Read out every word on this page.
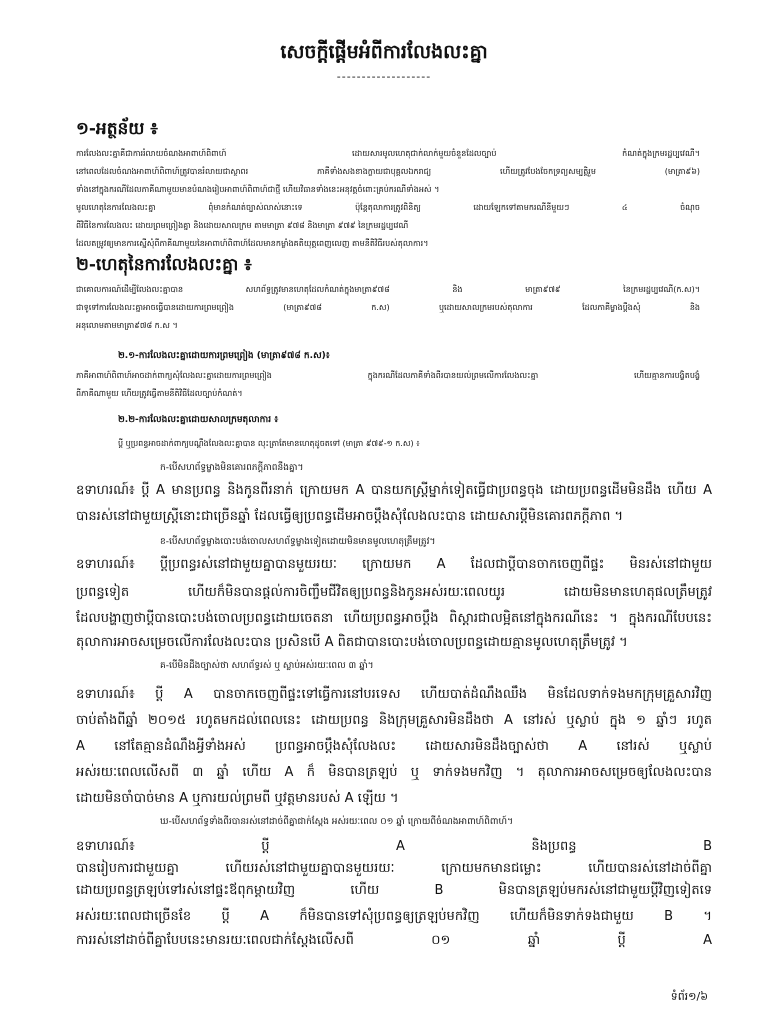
សេចក្ដីផ្ដើមអំពីការលែងលះគ្នា
-------------------
១-អត្ថន័យ ៖
ការលែងលះគ្នាគឺជាការរំលាយចំណងអាពាហ៍ពិពាហ៍ ដោយសារមូលហេតុជាក់លាក់មួយចំនួនដែលច្បាប់ កំណត់ក្នុងក្រមរដ្ឋប្បវេណី។
នៅពេលដែលចំណងអាពាហ៍ពិពាហ៍ត្រូវបានរំលាយជាស្ថាពរ ភាគីទាំងសងខាងក្លាយជាបុគ្គលឯករាជ្យ ហើយត្រូវបែងចែកទ្រព្យសម្បត្តិរួម (មាត្រា៩៦)
ទាំងនៅក្នុងករណីដែលភាគីណាមួយមានបំណងរៀបអាពាហ៍ពិពាហ៍ជាថ្មី ហើយវិធានទាំងនេះអនុវត្តចំពោះគ្រប់ករណីទាំងអស់ ។
មូលហេតុនៃការលែងលះគ្នា ពុំមានកំណត់ច្បាស់លាស់នោះទេ ប៉ុន្តែតុលាការត្រូវពិនិត្យ ដោយឡែកទៅតាមករណីនីមួយៗ ៤ ចំណុច
ពីវិធីនៃការលែងលះ ដោយព្រមព្រៀងគ្នា និងដោយសាលក្រម តាមមាត្រា ៩៧៨ និងមាត្រា ៩៧៩ នៃក្រមរដ្ឋប្បវេណី
ដែលតម្រូវឲ្យមានការស្នើសុំពីភាគីណាមួយនៃអាពាហ៍ពិពាហ៍ដែលមានកម្លាំងគតិយុត្តពេញលេញ តាមនីតិវិធីរបស់តុលាការ។
២-ហេតុនៃការលែងលះគ្នា ៖
ជាគោលការណ៍ដើម្បីលែងលះគ្នាបាន សហព័ទ្ធត្រូវមានហេតុដែលកំណត់ក្នុងមាត្រា៩៧៨ និង មាត្រា៩៧៩ នៃក្រមរដ្ឋប្បវេណី(ក.ស)។
ជាទូទៅការលែងលះគ្នាអាចធ្វើបានដោយការព្រមព្រៀង (មាត្រា៩៧៨ ក.ស) ឬដោយសាលក្រមរបស់តុលាការ ដែលភាគីម្ខាងប្ដឹងសុំ និង
អនុលោមតាមមាត្រា៩៧៨ ក.ស ។
២.១-ការលែងលះគ្នាដោយការព្រមព្រៀង (មាត្រា៩៧៨ ក.ស)៖
ភាគីអាពាហ៍ពិពាហ៍អាចដាក់ពាក្យសុំលែងលះគ្នាដោយការព្រមព្រៀង ក្នុងករណីដែលភាគីទាំងពីរបានយល់ព្រមលើការលែងលះគ្នា ហើយគ្មានការបង្ខិតបង្ខំ
ពីភាគីណាមួយ ហើយត្រូវធ្វើតាមនីតិវិធីដែលច្បាប់កំណត់។
២.២-ការលែងលះគ្នាដោយសាលក្រមតុលាការ ៖
ប្ដី ឬប្រពន្ធអាចដាក់ពាក្យបណ្ដឹងលែងលះគ្នាបាន លុះត្រាតែមានហេតុដូចតទៅ (មាត្រា ៩៧៩-១ ក.ស) ៖
ក-បើសហព័ទ្ធម្ខាងមិនគោរពភក្ដីភាពនឹងគ្នា។
ឧទាហរណ៍៖ ប្ដី A មានប្រពន្ធ និងកូនពីរនាក់ ក្រោយមក A បានយកស្ត្រីម្នាក់ទៀតធ្វើជាប្រពន្ធចុង ដោយប្រពន្ធដើមមិនដឹង ហើយ A
បានរស់នៅជាមួយស្ត្រីនោះជាច្រើនឆ្នាំ ដែលធ្វើឲ្យប្រពន្ធដើមអាចប្ដឹងសុំលែងលះបាន ដោយសារប្ដីមិនគោរពភក្ដីភាព ។
ខ-បើសហព័ទ្ធម្ខាងបោះបង់ចោលសហព័ទ្ធម្ខាងទៀតដោយមិនមានមូលហេតុត្រឹមត្រូវ។
ឧទាហរណ៍៖ ប្ដីប្រពន្ធរស់នៅជាមួយគ្នាបានមួយរយៈ ក្រោយមក A ដែលជាប្ដីបានចាកចេញពីផ្ទះ មិនរស់នៅជាមួយ
ប្រពន្ធទៀត ហើយក៏មិនបានផ្ដល់ការចិញ្ចឹមជីវិតឲ្យប្រពន្ធនិងកូនអស់រយៈពេលយូរ ដោយមិនមានហេតុផលត្រឹមត្រូវ
ដែលបង្ហាញថាប្ដីបានបោះបង់ចោលប្រពន្ធដោយចេតនា ហើយប្រពន្ធអាចប្ដឹង ពិស្ដារជាលម្អិតនៅក្នុងករណីនេះ ។ ក្នុងករណីបែបនេះ
តុលាការអាចសម្រេចលើការលែងលះបាន ប្រសិនបើ A ពិតជាបានបោះបង់ចោលប្រពន្ធដោយគ្មានមូលហេតុត្រឹមត្រូវ ។
គ-បើមិនដឹងច្បាស់ថា សហព័ទ្ធរស់ ឬ ស្លាប់អស់រយៈពេល ៣ ឆ្នាំ។
ឧទាហរណ៍៖ ប្ដី A បានចាកចេញពីផ្ទះទៅធ្វើការនៅបរទេស ហើយបាត់ដំណឹងឈឹង មិនដែលទាក់ទងមកក្រុមគ្រួសារវិញ
ចាប់តាំងពីឆ្នាំ ២០១៥ រហូតមកដល់ពេលនេះ ដោយប្រពន្ធ និងក្រុមគ្រួសារមិនដឹងថា A នៅរស់ ឬស្លាប់ ក្នុង ១ ឆ្នាំៗ រហូត
A នៅតែគ្មានដំណឹងអ្វីទាំងអស់ ប្រពន្ធអាចប្ដឹងសុំលែងលះ ដោយសារមិនដឹងច្បាស់ថា A នៅរស់ ឬស្លាប់
អស់រយៈពេលលើសពី ៣ ឆ្នាំ ហើយ A ក៏ មិនបានត្រឡប់ ឬ ទាក់ទងមកវិញ ។ តុលាការអាចសម្រេចឲ្យលែងលះបាន
ដោយមិនចាំបាច់មាន A ឬការយល់ព្រមពី ឬវត្តមានរបស់ A ឡើយ ។
ឃ-បើសហព័ទ្ធទាំងពីរបានរស់នៅដាច់ពីគ្នាជាក់ស្ដែង អស់រយៈពេល ០១ ឆ្នាំ ក្រោយពីចំណងអាពាហ៍ពិពាហ៍។
ឧទាហរណ៍៖ ប្ដី A និងប្រពន្ធ B
បានរៀបការជាមួយគ្នា ហើយរស់នៅជាមួយគ្នាបានមួយរយៈ ក្រោយមកមានជម្លោះ ហើយបានរស់នៅដាច់ពីគ្នា
ដោយប្រពន្ធត្រឡប់ទៅរស់នៅផ្ទះឪពុកម្ដាយវិញ ហើយ B មិនបានត្រឡប់មករស់នៅជាមួយប្ដីវិញទៀតទេ
អស់រយៈពេលជាច្រើនខែ ប្ដី A ក៏មិនបានទៅសុំប្រពន្ធឲ្យត្រឡប់មកវិញ ហើយក៏មិនទាក់ទងជាមួយ B ។
ការរស់នៅដាច់ពីគ្នាបែបនេះមានរយៈពេលជាក់ស្ដែងលើសពី ០១ ឆ្នាំ ប្ដី A
ទំព័រ១/៦
